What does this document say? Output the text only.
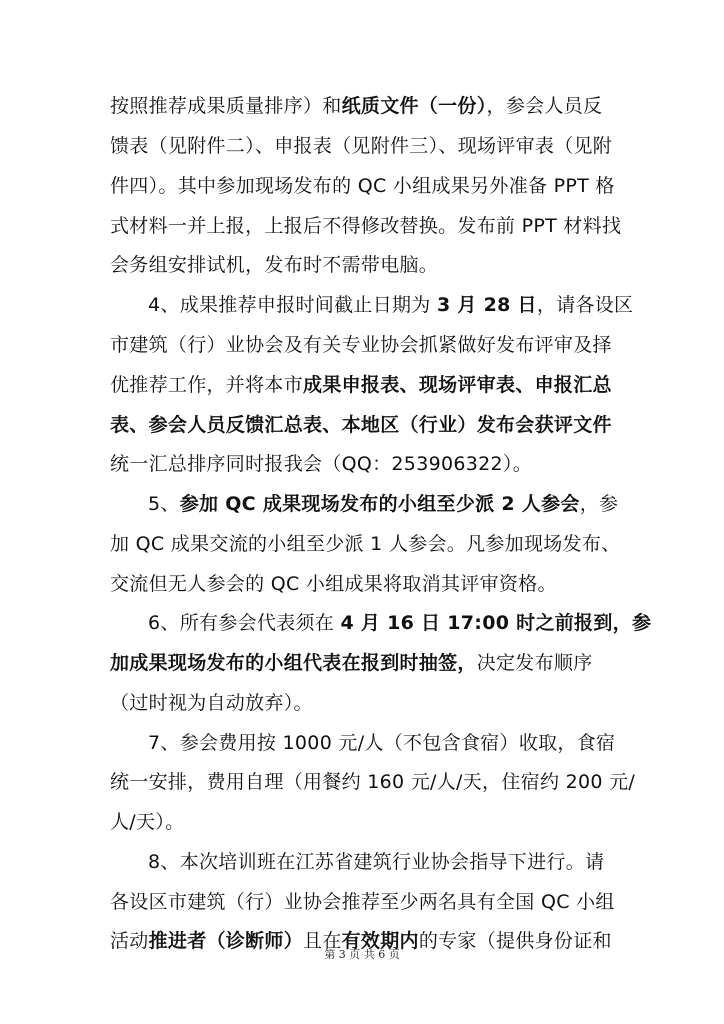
按照推荐成果质量排序）和纸质文件（一份），参会人员反
馈表（见附件二）、申报表（见附件三）、现场评审表（见附
件四）。其中参加现场发布的 QC 小组成果另外准备 PPT 格
式材料一并上报，上报后不得修改替换。发布前 PPT 材料找
会务组安排试机，发布时不需带电脑。
4、成果推荐申报时间截止日期为 3 月 28 日，请各设区
市建筑（行）业协会及有关专业协会抓紧做好发布评审及择
优推荐工作，并将本市成果申报表、现场评审表、申报汇总
表、参会人员反馈汇总表、本地区（行业）发布会获评文件
统一汇总排序同时报我会（QQ：253906322）。
5、参加 QC 成果现场发布的小组至少派 2 人参会，参
加 QC 成果交流的小组至少派 1 人参会。凡参加现场发布、
交流但无人参会的 QC 小组成果将取消其评审资格。
6、所有参会代表须在 4 月 16 日 17:00 时之前报到，参
加成果现场发布的小组代表在报到时抽签，决定发布顺序
（过时视为自动放弃）。
7、参会费用按 1000 元/人（不包含食宿）收取，食宿
统一安排，费用自理（用餐约 160 元/人/天，住宿约 200 元/
人/天）。
8、本次培训班在江苏省建筑行业协会指导下进行。请
各设区市建筑（行）业协会推荐至少两名具有全国 QC 小组
活动推进者（诊断师）且在有效期内的专家（提供身份证和
第 3 页 共 6 页
